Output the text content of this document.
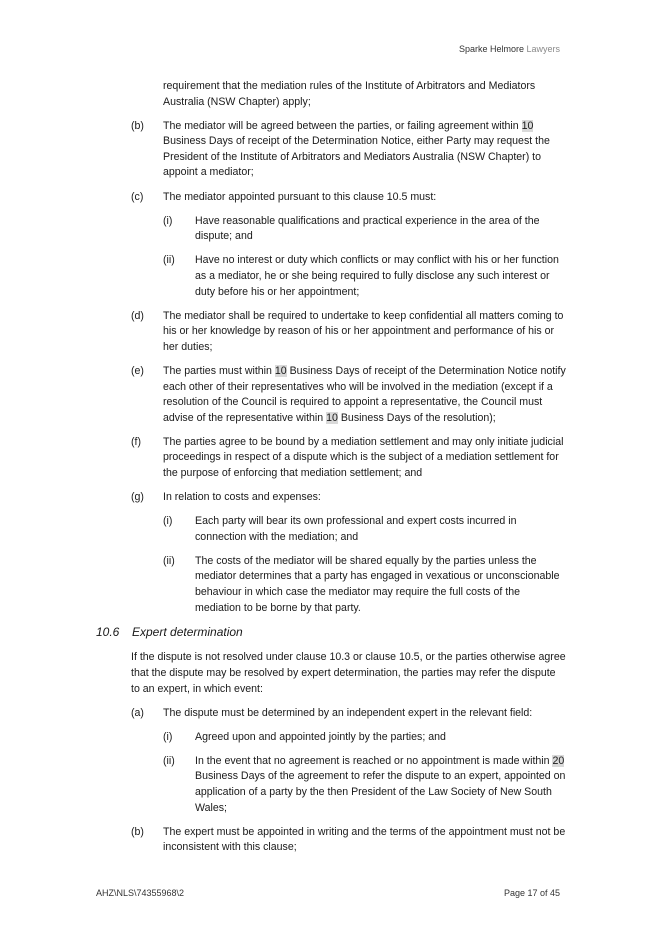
Sparke Helmore Lawyers
requirement that the mediation rules of the Institute of Arbitrators and Mediators Australia (NSW Chapter) apply;
(b)	The mediator will be agreed between the parties, or failing agreement within 10 Business Days of receipt of the Determination Notice, either Party may request the President of the Institute of Arbitrators and Mediators Australia (NSW Chapter) to appoint a mediator;
(c)	The mediator appointed pursuant to this clause 10.5 must:
(i)	Have reasonable qualifications and practical experience in the area of the dispute; and
(ii)	Have no interest or duty which conflicts or may conflict with his or her function as a mediator, he or she being required to fully disclose any such interest or duty before his or her appointment;
(d)	The mediator shall be required to undertake to keep confidential all matters coming to his or her knowledge by reason of his or her appointment and performance of his or her duties;
(e)	The parties must within 10 Business Days of receipt of the Determination Notice notify each other of their representatives who will be involved in the mediation (except if a resolution of the Council is required to appoint a representative, the Council must advise of the representative within 10 Business Days of the resolution);
(f)	The parties agree to be bound by a mediation settlement and may only initiate judicial proceedings in respect of a dispute which is the subject of a mediation settlement for the purpose of enforcing that mediation settlement; and
(g)	In relation to costs and expenses:
(i)	Each party will bear its own professional and expert costs incurred in connection with the mediation; and
(ii)	The costs of the mediator will be shared equally by the parties unless the mediator determines that a party has engaged in vexatious or unconscionable behaviour in which case the mediator may require the full costs of the mediation to be borne by that party.
10.6	Expert determination
If the dispute is not resolved under clause 10.3 or clause 10.5, or the parties otherwise agree that the dispute may be resolved by expert determination, the parties may refer the dispute to an expert, in which event:
(a)	The dispute must be determined by an independent expert in the relevant field:
(i)	Agreed upon and appointed jointly by the parties; and
(ii)	In the event that no agreement is reached or no appointment is made within 20 Business Days of the agreement to refer the dispute to an expert, appointed on application of a party by the then President of the Law Society of New South Wales;
(b)	The expert must be appointed in writing and the terms of the appointment must not be inconsistent with this clause;
AHZ\NLS\74355968\2	Page 17 of 45
